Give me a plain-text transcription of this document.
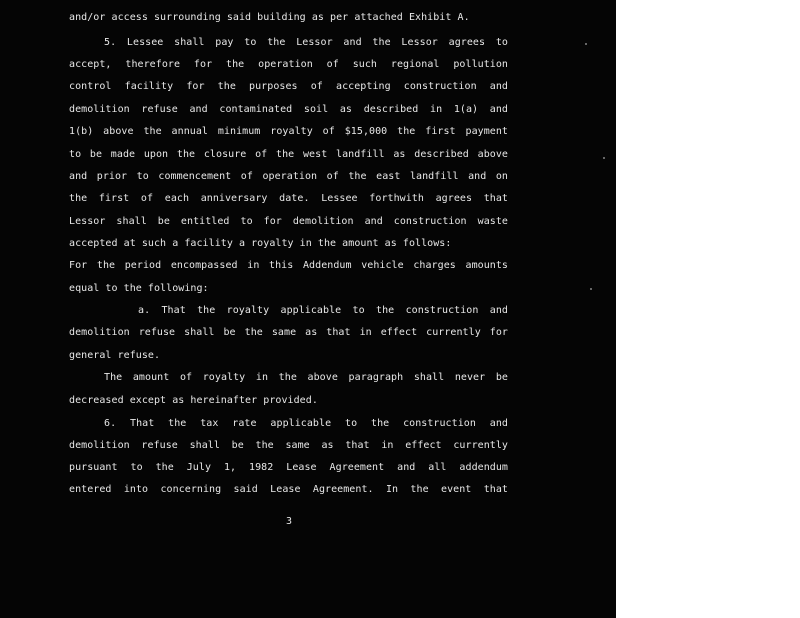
and/or access surrounding said building as per attached Exhibit A.

5. Lessee shall pay to the Lessor and the Lessor agrees to

accept, therefore for the operation of such regional pollution

control facility for the purposes of accepting construction and

demolition refuse and contaminated soil as described in 1(a) and

1(b) above the annual minimum royalty of $15,000 the first payment

to be made upon the closure of the west landfill as described above

and prior to commencement of operation of the east landfill and on

the first of each anniversary date. Lessee forthwith agrees that

Lessor shall be entitled to for demolition and construction waste

accepted at such a facility a royalty in the amount as follows:

For the period encompassed in this Addendum vehicle charges amounts

equal to the following:

a. That the royalty applicable to the construction and

demolition refuse shall be the same as that in effect currently for

general refuse.

The amount of royalty in the above paragraph shall never be

decreased except as hereinafter provided.

6. That the tax rate applicable to the construction and

demolition refuse shall be the same as that in effect currently

pursuant to the July 1, 1982 Lease Agreement and all addendum

entered into concerning said Lease Agreement. In the event that

3
